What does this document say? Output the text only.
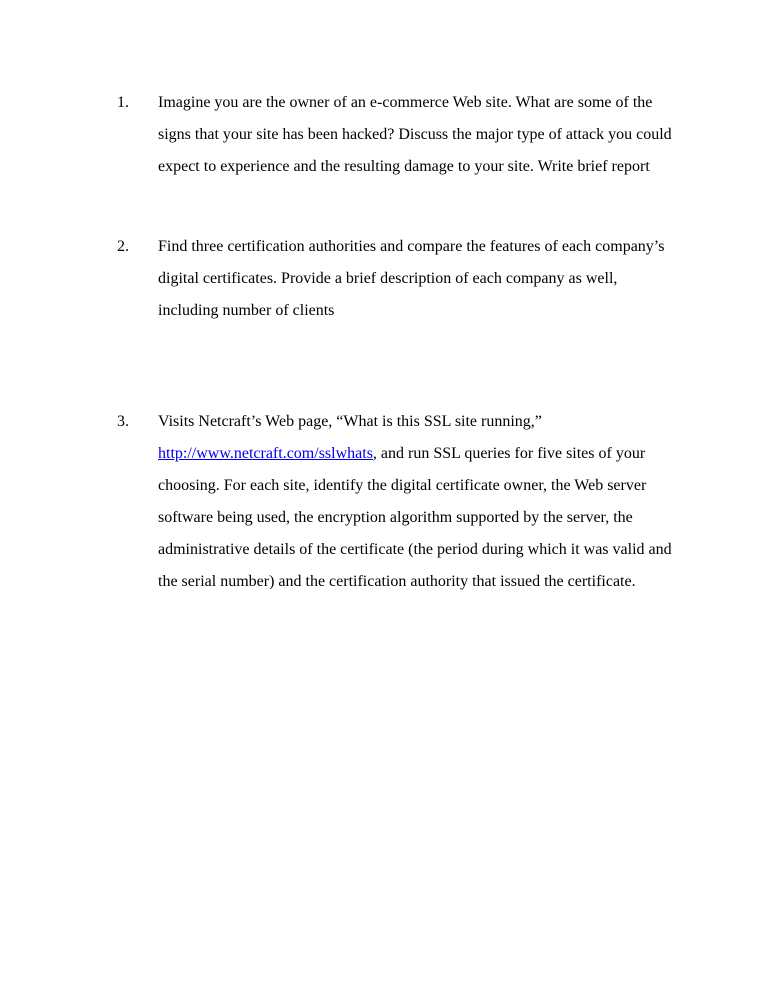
1.	Imagine you are the owner of an e-commerce Web site. What are some of the signs that your site has been hacked? Discuss the major type of attack you could expect to experience and the resulting damage to your site. Write brief report
2.	Find three certification authorities and compare the features of each company’s digital certificates. Provide a brief description of each company as well, including number of clients
3.	Visits Netcraft’s Web page, “What is this SSL site running,”
http://www.netcraft.com/sslwhats, and run SSL queries for five sites of your choosing. For each site, identify the digital certificate owner, the Web server software being used, the encryption algorithm supported by the server, the administrative details of the certificate (the period during which it was valid and the serial number) and the certification authority that issued the certificate.
